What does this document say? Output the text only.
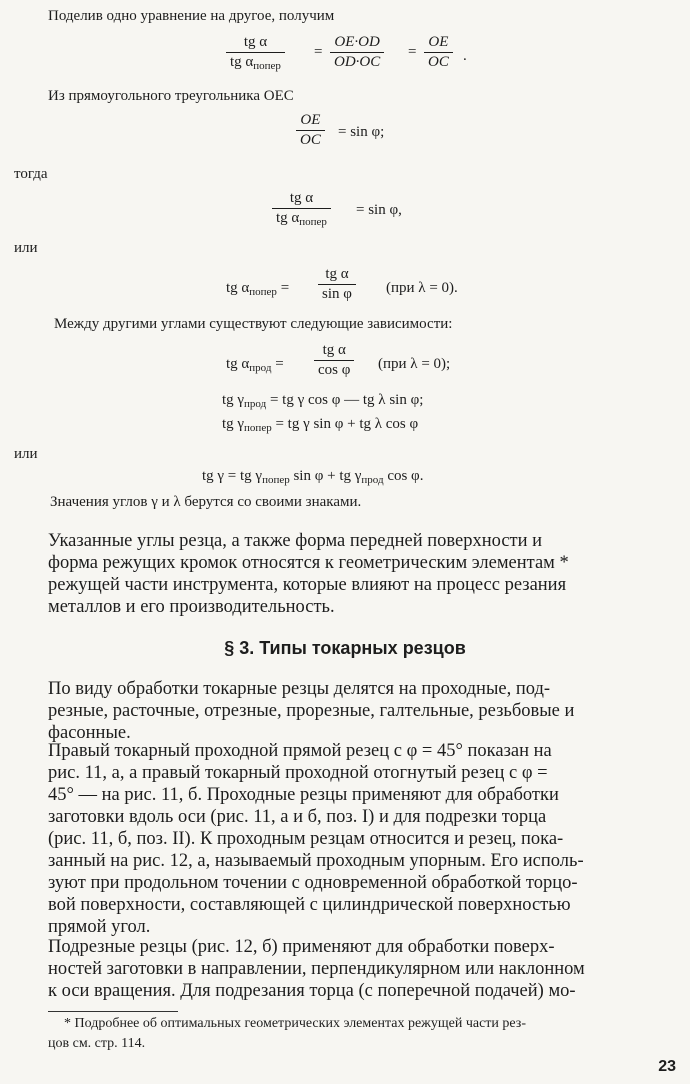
Поделив одно уравнение на другое, получим
tg α
tg $\alpha_{попер}$
= $\frac{OE\cdot OD}{OD\cdot OC} = \frac{OE}{OC}$ .
Из прямоугольного треугольника OEC
$\frac{OE}{OC} = \sin \varphi$;
тогда
tg α
tg $\alpha_{попер}$
= sin φ,
или
tg $\alpha_{попер} = \frac{\text{tg α}}{\text{sin φ}} (при$ λ = 0).
Между другими углами существуют следующие зависимости:
tg $\alpha_{прод} = \frac{\text{tg α}}{\text{cos φ}} (при$ λ = 0);
tg $\gamma_{прод}$ = tg γ cos φ — tg λ sin φ;
tg $\gamma_{попер}$ = tg γ sin φ + tg λ cos φ
или
tg γ = tg $\gamma_{попер}$ sin φ + tg $\gamma_{прод}$ cos φ.
Значения углов γ и λ берутся со своими знаками.
Указанные углы резца, а также форма передней поверхности и
форма режущих кромок относятся к геометрическим элементам *
режущей части инструмента, которые влияют на процесс резания
металлов и его производительность.
§ 3. Типы токарных резцов
По виду обработки токарные резцы делятся на проходные, под-
резные, расточные, отрезные, прорезные, галтельные, резьбовые и
фасонные.
Правый токарный проходной прямой резец с φ = 45° показан на
рис. 11, а, а правый токарный проходной отогнутый резец с φ =
45° — на рис. 11, б. Проходные резцы применяют для обработки
заготовки вдоль оси (рис. 11, а и б, поз. I) и для подрезки торца
(рис. 11, б, поз. II). К проходным резцам относится и резец, пока-
занный на рис. 12, а, называемый проходным упорным. Его исполь-
зуют при продольном точении с одновременной обработкой торцо-
вой поверхности, составляющей с цилиндрической поверхностью
прямой угол.
Подрезные резцы (рис. 12, б) применяют для обработки поверх-
ностей заготовки в направлении, перпендикулярном или наклонном
к оси вращения. Для подрезания торца (с поперечной подачей) мо-
* Подробнее об оптимальных геометрических элементах режущей части рез-
цов см. стр. 114.
23
